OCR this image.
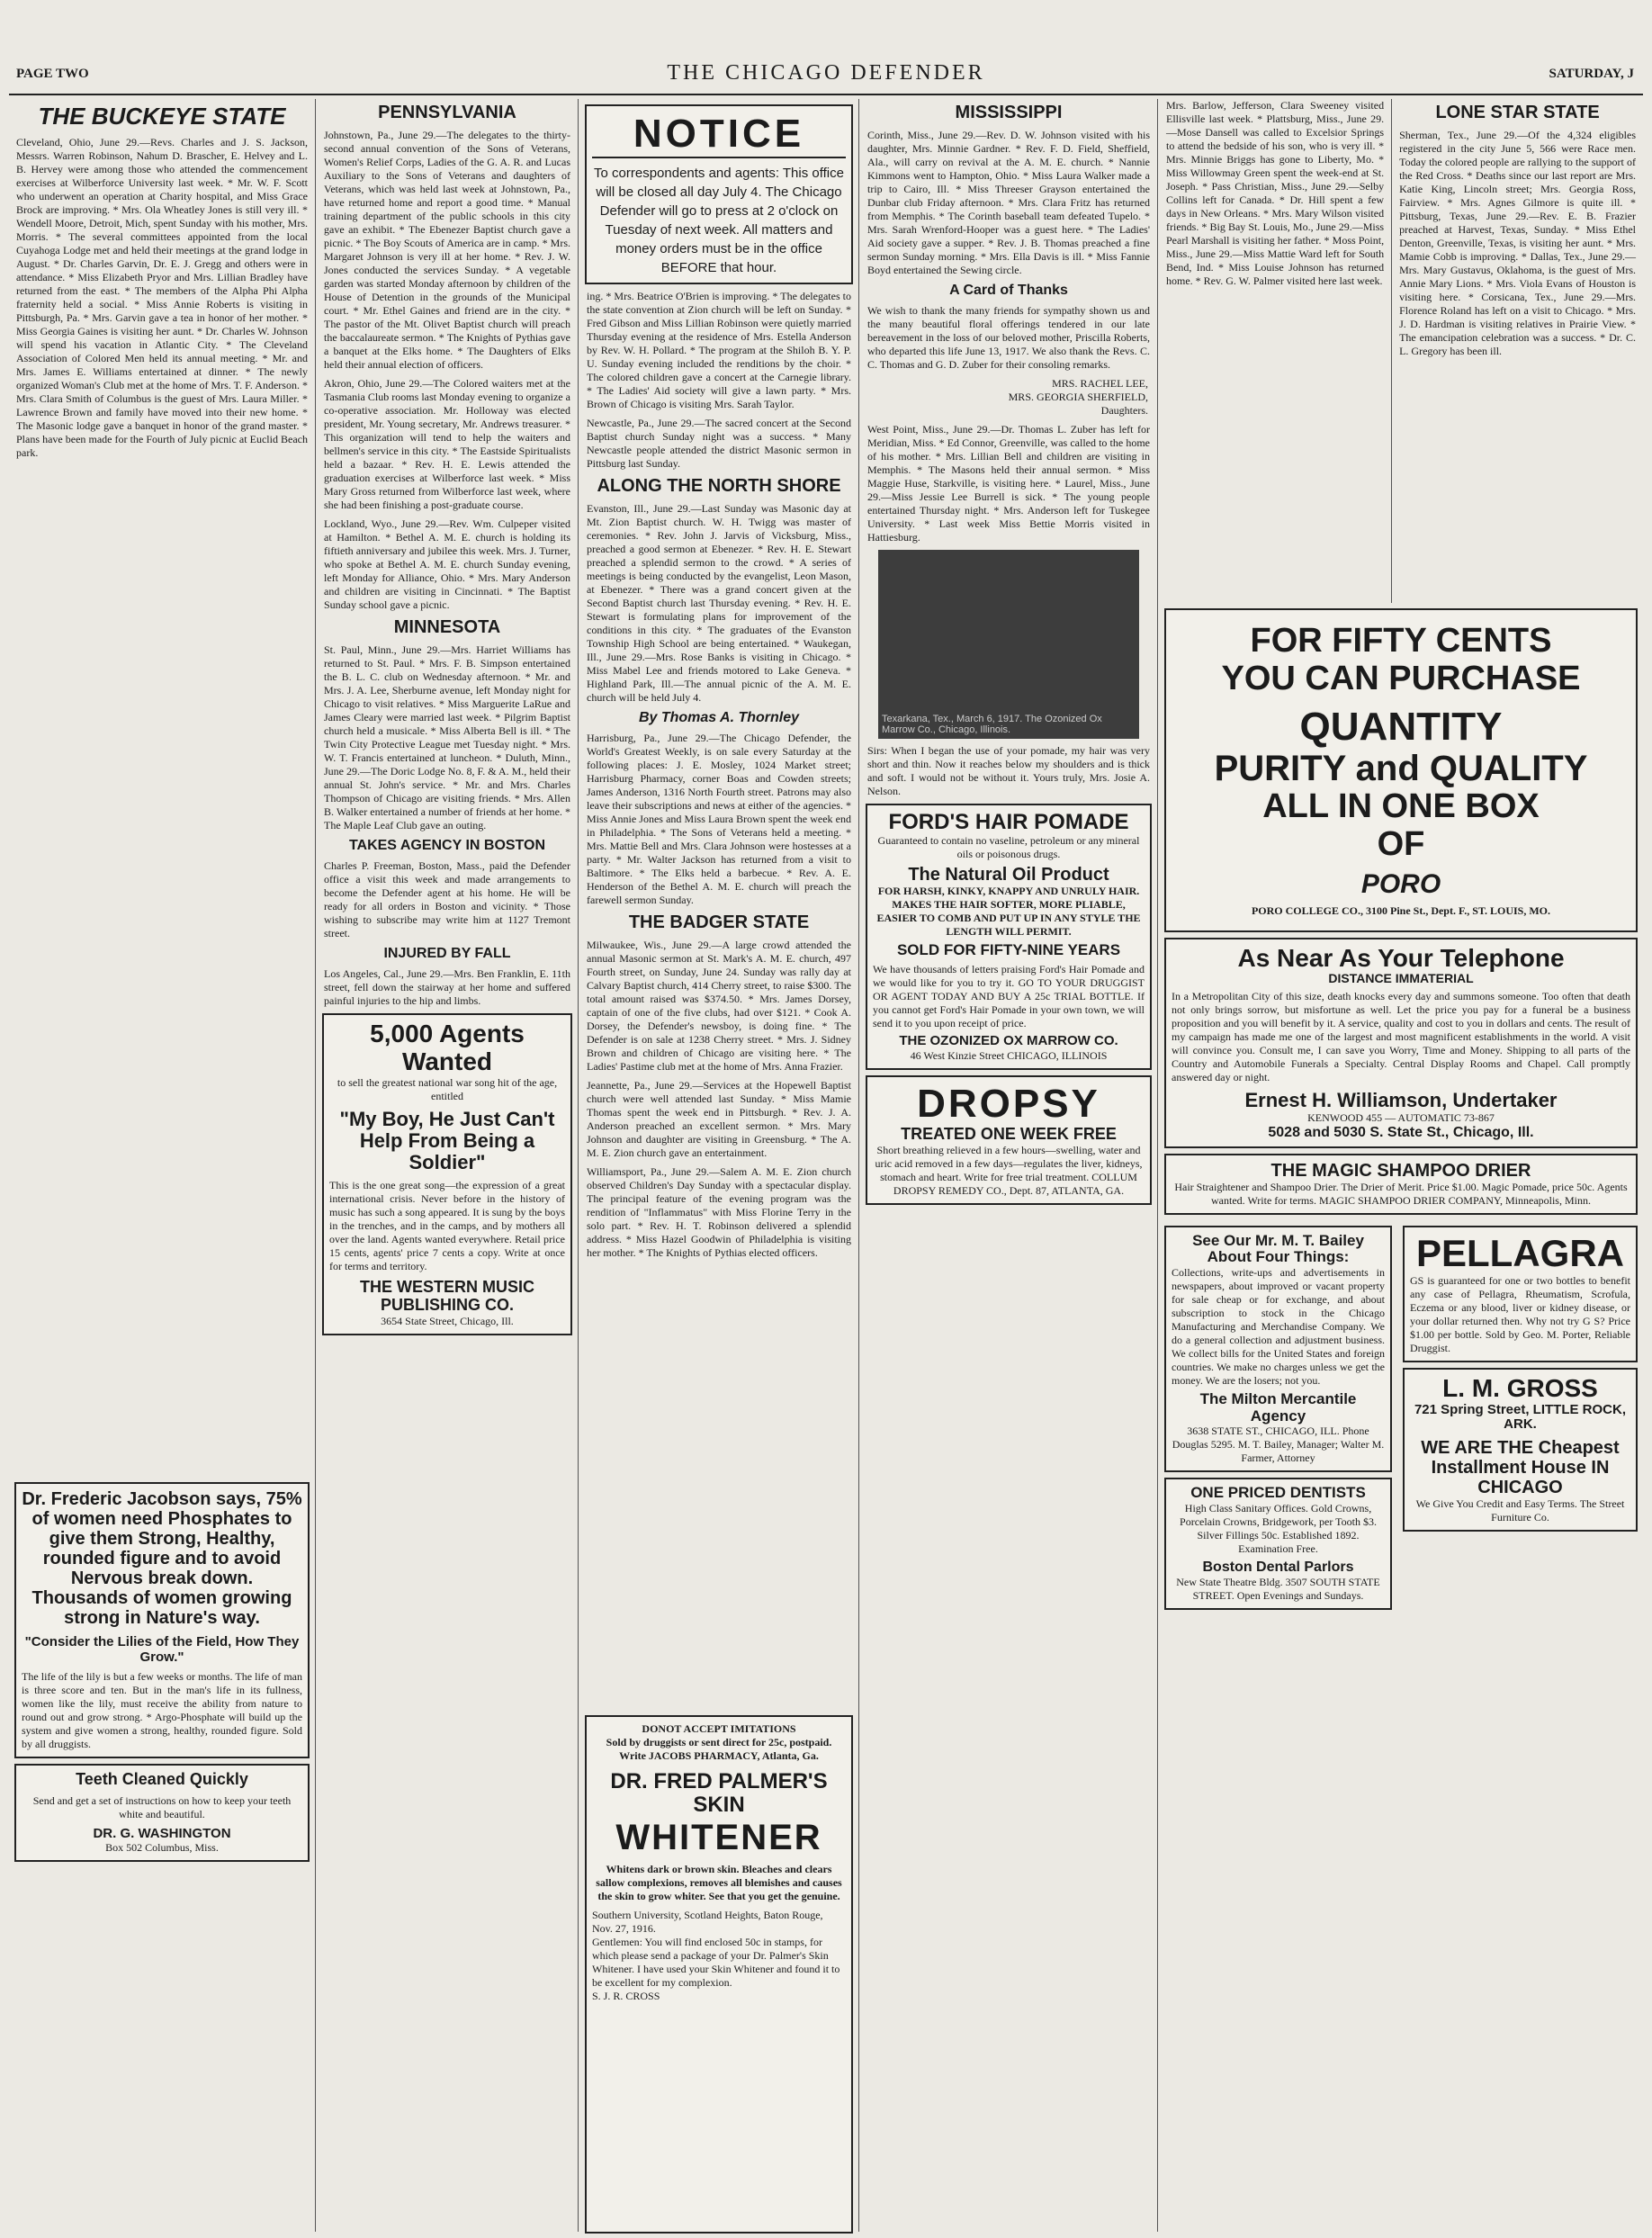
PAGE TWO	THE CHICAGO DEFENDER	SATURDAY, J
THE BUCKEYE STATE

Cleveland, Ohio, June 29.—Revs. Charles and J. S. Jackson, Messrs. Warren Robinson, Nahum D. Brascher, E. Helvey and L. B. Hervey were among those who attended the commencement exercises at Wilberforce University last week. * Mr. W. F. Scott who underwent an operation at Charity hospital, and Miss Grace Brock are improving. * Mrs. Ola Wheatley Jones is still very ill. * Wendell Moore, Detroit, Mich, spent Sunday with his mother, Mrs. Morris. * The several committees appointed from the local Cuyahoga Lodge met and held their meetings at the grand lodge in August. * Dr. Charles Garvin, Dr. E. J. Gregg and others were in attendance. * Miss Elizabeth Pryor and Mrs. Lillian Bradley have returned from the east. * The members of the Alpha Phi Alpha fraternity held a social. * Miss Annie Roberts is visiting in Pittsburgh, Pa. * Mrs. Garvin gave a tea in honor of her mother. * Miss Georgia Gaines is visiting her aunt. * Dr. Charles W. Johnson will spend his vacation in Atlantic City. * The Cleveland Association of Colored Men held its annual meeting. * Mr. and Mrs. James E. Williams entertained at dinner. * The newly organized Woman's Club met at the home of Mrs. T. F. Anderson. * Mrs. Clara Smith of Columbus is the guest of Mrs. Laura Miller. * Lawrence Brown and family have moved into their new home. * The Masonic lodge gave a banquet in honor of the grand master. * Plans have been made for the Fourth of July picnic at Euclid Beach park.

Dr. Frederic Jacobson says, 75% of women need Phosphates to give them Strong, Healthy, rounded figure and to avoid Nervous break down. Thousands of women growing strong in Nature's way.
"Consider the Lilies of the Field, How They Grow."
The life of the lily is but a few weeks or months. The life of man is three score and ten. But in the man's life in its fullness, women like the lily, must receive the ability from nature to round out and grow strong. * Argo-Phosphate will build up the system and give women a strong, healthy, rounded figure. Sold by all druggists.
Teeth Cleaned Quickly
Send and get a set of instructions on how to keep your teeth white and beautiful.
DR. G. WASHINGTON
Box 502 Columbus, Miss.
PENNSYLVANIA

Johnstown, Pa., June 29.—The delegates to the thirty-second annual convention of the Sons of Veterans, Women's Relief Corps, Ladies of the G. A. R. and Lucas Auxiliary to the Sons of Veterans and daughters of Veterans, which was held last week at Johnstown, Pa., have returned home and report a good time. * Manual training department of the public schools in this city gave an exhibit. * The Ebenezer Baptist church gave a picnic. * The Boy Scouts of America are in camp. * Mrs. Margaret Johnson is very ill at her home. * Rev. J. W. Jones conducted the services Sunday. * A vegetable garden was started Monday afternoon by children of the House of Detention in the grounds of the Municipal court. * Mr. Ethel Gaines and friend are in the city. * The pastor of the Mt. Olivet Baptist church will preach the baccalaureate sermon. * The Knights of Pythias gave a banquet at the Elks home. * The Daughters of Elks held their annual election of officers.

Akron, Ohio, June 29.—The Colored waiters met at the Tasmania Club rooms last Monday evening to organize a co-operative association. Mr. Holloway was elected president, Mr. Young secretary, Mr. Andrews treasurer. * This organization will tend to help the waiters and bellmen's service in this city. * The Eastside Spiritualists held a bazaar. * Rev. H. E. Lewis attended the graduation exercises at Wilberforce last week. * Miss Mary Gross returned from Wilberforce last week, where she had been finishing a post-graduate course.

Lockland, Wyo., June 29.—Rev. Wm. Culpeper visited at Hamilton. * Bethel A. M. E. church is holding its fiftieth anniversary and jubilee this week. Mrs. J. Turner, who spoke at Bethel A. M. E. church Sunday evening, left Monday for Alliance, Ohio. * Mrs. Mary Anderson and children are visiting in Cincinnati. * The Baptist Sunday school gave a picnic.

MINNESOTA

St. Paul, Minn., June 29.—Mrs. Harriet Williams has returned to St. Paul. * Mrs. F. B. Simpson entertained the B. L. C. club on Wednesday afternoon. * Mr. and Mrs. J. A. Lee, Sherburne avenue, left Monday night for Chicago to visit relatives. * Miss Marguerite LaRue and James Cleary were married last week. * Pilgrim Baptist church held a musicale. * Miss Alberta Bell is ill. * The Twin City Protective League met Tuesday night. * Mrs. W. T. Francis entertained at luncheon. * Duluth, Minn., June 29.—The Doric Lodge No. 8, F. & A. M., held their annual St. John's service. * Mr. and Mrs. Charles Thompson of Chicago are visiting friends. * Mrs. Allen B. Walker entertained a number of friends at her home. * The Maple Leaf Club gave an outing.

TAKES AGENCY IN BOSTON

Charles P. Freeman, Boston, Mass., paid the Defender office a visit this week and made arrangements to become the Defender agent at his home. He will be ready for all orders in Boston and vicinity. * Those wishing to subscribe may write him at 1127 Tremont street.

INJURED BY FALL

Los Angeles, Cal., June 29.—Mrs. Ben Franklin, E. 11th street, fell down the stairway at her home and suffered painful injuries to the hip and limbs.

5,000 Agents Wanted
to sell the greatest national war song hit of the age, entitled
"My Boy, He Just Can't Help From Being a Soldier"
This is the one great song—the expression of a great international crisis. Never before in the history of music has such a song appeared. It is sung by the boys in the trenches, and in the camps, and by mothers all over the land. Agents wanted everywhere. Retail price 15 cents, agents' price 7 cents a copy. Write at once for terms and territory.
THE WESTERN MUSIC PUBLISHING CO.
3654 State Street, Chicago, Ill.
NOTICE
To correspondents and agents: This office will be closed all day July 4. The Chicago Defender will go to press at 2 o'clock on Tuesday of next week. All matters and money orders must be in the office BEFORE that hour.

ing. * Mrs. Beatrice O'Brien is improving. * The delegates to the state convention at Zion church will be left on Sunday. * Fred Gibson and Miss Lillian Robinson were quietly married Thursday evening at the residence of Mrs. Estella Anderson by Rev. W. H. Pollard. * The program at the Shiloh B. Y. P. U. Sunday evening included the renditions by the choir. * The colored children gave a concert at the Carnegie library. * The Ladies' Aid society will give a lawn party. * Mrs. Brown of Chicago is visiting Mrs. Sarah Taylor.

Newcastle, Pa., June 29.—The sacred concert at the Second Baptist church Sunday night was a success. * Many Newcastle people attended the district Masonic sermon in Pittsburg last Sunday.

ALONG THE NORTH SHORE

Evanston, Ill., June 29.—Last Sunday was Masonic day at Mt. Zion Baptist church. W. H. Twigg was master of ceremonies. * Rev. John J. Jarvis of Vicksburg, Miss., preached a good sermon at Ebenezer. * Rev. H. E. Stewart preached a splendid sermon to the crowd. * A series of meetings is being conducted by the evangelist, Leon Mason, at Ebenezer. * There was a grand concert given at the Second Baptist church last Thursday evening. * Rev. H. E. Stewart is formulating plans for improvement of the conditions in this city. * The graduates of the Evanston Township High School are being entertained. * Waukegan, Ill., June 29.—Mrs. Rose Banks is visiting in Chicago. * Miss Mabel Lee and friends motored to Lake Geneva. * Highland Park, Ill.—The annual picnic of the A. M. E. church will be held July 4.

By Thomas A. Thornley

Harrisburg, Pa., June 29.—The Chicago Defender, the World's Greatest Weekly, is on sale every Saturday at the following places: J. E. Mosley, 1024 Market street; Harrisburg Pharmacy, corner Boas and Cowden streets; James Anderson, 1316 North Fourth street. Patrons may also leave their subscriptions and news at either of the agencies. * Miss Annie Jones and Miss Laura Brown spent the week end in Philadelphia. * The Sons of Veterans held a meeting. * Mrs. Mattie Bell and Mrs. Clara Johnson were hostesses at a party. * Mr. Walter Jackson has returned from a visit to Baltimore. * The Elks held a barbecue. * Rev. A. E. Henderson of the Bethel A. M. E. church will preach the farewell sermon Sunday.

THE BADGER STATE

Milwaukee, Wis., June 29.—A large crowd attended the annual Masonic sermon at St. Mark's A. M. E. church, 497 Fourth street, on Sunday, June 24. Sunday was rally day at Calvary Baptist church, 414 Cherry street, to raise $300. The total amount raised was $374.50. * Mrs. James Dorsey, captain of one of the five clubs, had over $121. * Cook A. Dorsey, the Defender's newsboy, is doing fine. * The Defender is on sale at 1238 Cherry street. * Mrs. J. Sidney Brown and children of Chicago are visiting here. * The Ladies' Pastime club met at the home of Mrs. Anna Frazier.

Jeannette, Pa., June 29.—Services at the Hopewell Baptist church were well attended last Sunday. * Miss Mamie Thomas spent the week end in Pittsburgh. * Rev. J. A. Anderson preached an excellent sermon. * Mrs. Mary Johnson and daughter are visiting in Greensburg. * The A. M. E. Zion church gave an entertainment.

Williamsport, Pa., June 29.—Salem A. M. E. Zion church observed Children's Day Sunday with a spectacular display. The principal feature of the evening program was the rendition of "Inflammatus" with Miss Florine Terry in the solo part. * Rev. H. T. Robinson delivered a splendid address. * Miss Hazel Goodwin of Philadelphia is visiting her mother. * The Knights of Pythias elected officers.

DONOT ACCEPT IMITATIONS
Sold by druggists or sent direct for 25c, postpaid. Write JACOBS PHARMACY, Atlanta, Ga.
DR. FRED PALMER'S SKIN
WHITENER
Whitens dark or brown skin. Bleaches and clears sallow complexions, removes all blemishes and causes the skin to grow whiter. See that you get the genuine.
Southern University, Scotland Heights, Baton Rouge, Nov. 27, 1916.
Gentlemen: You will find enclosed 50c in stamps, for which please send a package of your Dr. Palmer's Skin Whitener. I have used your Skin Whitener and found it to be excellent for my complexion.
S. J. R. CROSS
MISSISSIPPI

Corinth, Miss., June 29.—Rev. D. W. Johnson visited with his daughter, Mrs. Minnie Gardner. * Rev. F. D. Field, Sheffield, Ala., will carry on revival at the A. M. E. church. * Nannie Kimmons went to Hampton, Ohio. * Miss Laura Walker made a trip to Cairo, Ill. * Miss Threeser Grayson entertained the Dunbar club Friday afternoon. * Mrs. Clara Fritz has returned from Memphis. * The Corinth baseball team defeated Tupelo. * Mrs. Sarah Wrenford-Hooper was a guest here. * The Ladies' Aid society gave a supper. * Rev. J. B. Thomas preached a fine sermon Sunday morning. * Mrs. Ella Davis is ill. * Miss Fannie Boyd entertained the Sewing circle.

A Card of Thanks

We wish to thank the many friends for sympathy shown us and the many beautiful floral offerings tendered in our late bereavement in the loss of our beloved mother, Priscilla Roberts, who departed this life June 13, 1917. We also thank the Revs. C. C. Thomas and G. D. Zuber for their consoling remarks.

MRS. RACHEL LEE,
MRS. GEORGIA SHERFIELD,
Daughters.

West Point, Miss., June 29.—Dr. Thomas L. Zuber has left for Meridian, Miss. * Ed Connor, Greenville, was called to the home of his mother. * Mrs. Lillian Bell and children are visiting in Memphis. * The Masons held their annual sermon. * Miss Maggie Huse, Starkville, is visiting here. * Laurel, Miss., June 29.—Miss Jessie Lee Burrell is sick. * The young people entertained Thursday night. * Mrs. Anderson left for Tuskegee University. * Last week Miss Bettie Morris visited in Hattiesburg.

Texarkana, Tex., March 6, 1917. The Ozonized Ox Marrow Co., Chicago, Illinois.

Sirs: When I began the use of your pomade, my hair was very short and thin. Now it reaches below my shoulders and is thick and soft. I would not be without it. Yours truly, Mrs. Josie A. Nelson.

FORD'S HAIR POMADE
Guaranteed to contain no vaseline, petroleum or any mineral oils or poisonous drugs.
The Natural Oil Product
FOR HARSH, KINKY, KNAPPY AND UNRULY HAIR. MAKES THE HAIR SOFTER, MORE PLIABLE, EASIER TO COMB AND PUT UP IN ANY STYLE THE LENGTH WILL PERMIT.
SOLD FOR FIFTY-NINE YEARS
We have thousands of letters praising Ford's Hair Pomade and we would like for you to try it. GO TO YOUR DRUGGIST OR AGENT TODAY AND BUY A 25c TRIAL BOTTLE. If you cannot get Ford's Hair Pomade in your own town, we will send it to you upon receipt of price.
THE OZONIZED OX MARROW CO.
46 West Kinzie Street CHICAGO, ILLINOIS
DROPSY
TREATED ONE WEEK FREE
Short breathing relieved in a few hours—swelling, water and uric acid removed in a few days—regulates the liver, kidneys, stomach and heart. Write for free trial treatment. COLLUM DROPSY REMEDY CO., Dept. 87, ATLANTA, GA.

Mrs. Barlow, Jefferson, Clara Sweeney visited Ellisville last week. * Plattsburg, Miss., June 29.—Mose Dansell was called to Excelsior Springs to attend the bedside of his son, who is very ill. * Mrs. Minnie Briggs has gone to Liberty, Mo. * Miss Willowmay Green spent the week-end at St. Joseph. * Pass Christian, Miss., June 29.—Selby Collins left for Canada. * Dr. Hill spent a few days in New Orleans. * Mrs. Mary Wilson visited friends. * Big Bay St. Louis, Mo., June 29.—Miss Pearl Marshall is visiting her father. * Moss Point, Miss., June 29.—Miss Mattie Ward left for South Bend, Ind. * Miss Louise Johnson has returned home. * Rev. G. W. Palmer visited here last week.

LONE STAR STATE

Sherman, Tex., June 29.—Of the 4,324 eligibles registered in the city June 5, 566 were Race men. Today the colored people are rallying to the support of the Red Cross. * Deaths since our last report are Mrs. Katie King, Lincoln street; Mrs. Georgia Ross, Fairview. * Mrs. Agnes Gilmore is quite ill. * Pittsburg, Texas, June 29.—Rev. E. B. Frazier preached at Harvest, Texas, Sunday. * Miss Ethel Denton, Greenville, Texas, is visiting her aunt. * Mrs. Mamie Cobb is improving. * Dallas, Tex., June 29.—Mrs. Mary Gustavus, Oklahoma, is the guest of Mrs. Annie Mary Lions. * Mrs. Viola Evans of Houston is visiting here. * Corsicana, Tex., June 29.—Mrs. Florence Roland has left on a visit to Chicago. * Mrs. J. D. Hardman is visiting relatives in Prairie View. * The emancipation celebration was a success. * Dr. C. L. Gregory has been ill.

FOR FIFTY CENTS
YOU CAN PURCHASE
QUANTITY
PURITY and QUALITY
ALL IN ONE BOX
OF
PORO
PORO COLLEGE CO., 3100 Pine St., Dept. F., ST. LOUIS, MO.
As Near As Your Telephone
DISTANCE IMMATERIAL
In a Metropolitan City of this size, death knocks every day and summons someone. Too often that death not only brings sorrow, but misfortune as well. Let the price you pay for a funeral be a business proposition and you will benefit by it. A service, quality and cost to you in dollars and cents. The result of my campaign has made me one of the largest and most magnificent establishments in the world. A visit will convince you. Consult me, I can save you Worry, Time and Money. Shipping to all parts of the Country and Automobile Funerals a Specialty. Central Display Rooms and Chapel. Call promptly answered day or night.
Ernest H. Williamson, Undertaker
KENWOOD 455 — AUTOMATIC 73-867
5028 and 5030 S. State St., Chicago, Ill.
THE MAGIC SHAMPOO DRIER
Hair Straightener and Shampoo Drier. The Drier of Merit. Price $1.00. Magic Pomade, price 50c. Agents wanted. Write for terms. MAGIC SHAMPOO DRIER COMPANY, Minneapolis, Minn.
See Our Mr. M. T. Bailey About Four Things:
Collections, write-ups and advertisements in newspapers, about improved or vacant property for sale cheap or for exchange, and about subscription to stock in the Chicago Manufacturing and Merchandise Company. We do a general collection and adjustment business. We collect bills for the United States and foreign countries. We make no charges unless we get the money. We are the losers; not you.
The Milton Mercantile Agency
3638 STATE ST., CHICAGO, ILL. Phone Douglas 5295. M. T. Bailey, Manager; Walter M. Farmer, Attorney
ONE PRICED DENTISTS
High Class Sanitary Offices. Gold Crowns, Porcelain Crowns, Bridgework, per Tooth $3. Silver Fillings 50c. Established 1892. Examination Free.
Boston Dental Parlors
New State Theatre Bldg. 3507 SOUTH STATE STREET. Open Evenings and Sundays.
PELLAGRA
GS is guaranteed for one or two bottles to benefit any case of Pellagra, Rheumatism, Scrofula, Eczema or any blood, liver or kidney disease, or your dollar returned then. Why not try G S? Price $1.00 per bottle. Sold by Geo. M. Porter, Reliable Druggist.
L. M. GROSS
721 Spring Street, LITTLE ROCK, ARK.
WE ARE THE Cheapest Installment House IN CHICAGO
We Give You Credit and Easy Terms. The Street Furniture Co.
